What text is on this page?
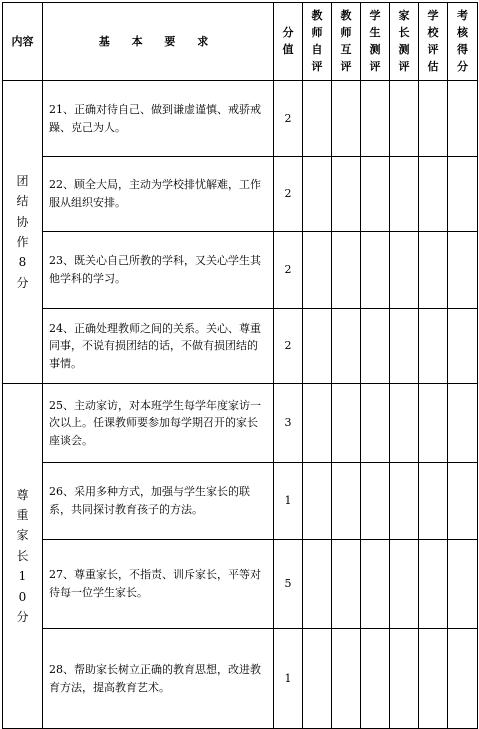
内容	基 本 要 求	分值	教师自评	教师互评	学生测评	家长测评	学校评估	考核得分
团结协作8分	21、正确对待自己、做到谦虚谨慎、戒骄戒躁、克己为人。	2						
	22、顾全大局，主动为学校排忧解难，工作服从组织安排。	2						
	23、既关心自己所教的学科，又关心学生其他学科的学习。	2						
	24、正确处理教师之间的关系。关心、尊重同事，不说有损团结的话，不做有损团结的事情。	2						
尊重家长10分	25、主动家访，对本班学生每学年度家访一次以上。任课教师要参加每学期召开的家长座谈会。	3						
	26、采用多种方式，加强与学生家长的联系，共同探讨教育孩子的方法。	1						
	27、尊重家长，不指责、训斥家长，平等对待每一位学生家长。	5						
	28、帮助家长树立正确的教育思想，改进教育方法，提高教育艺术。	1						
